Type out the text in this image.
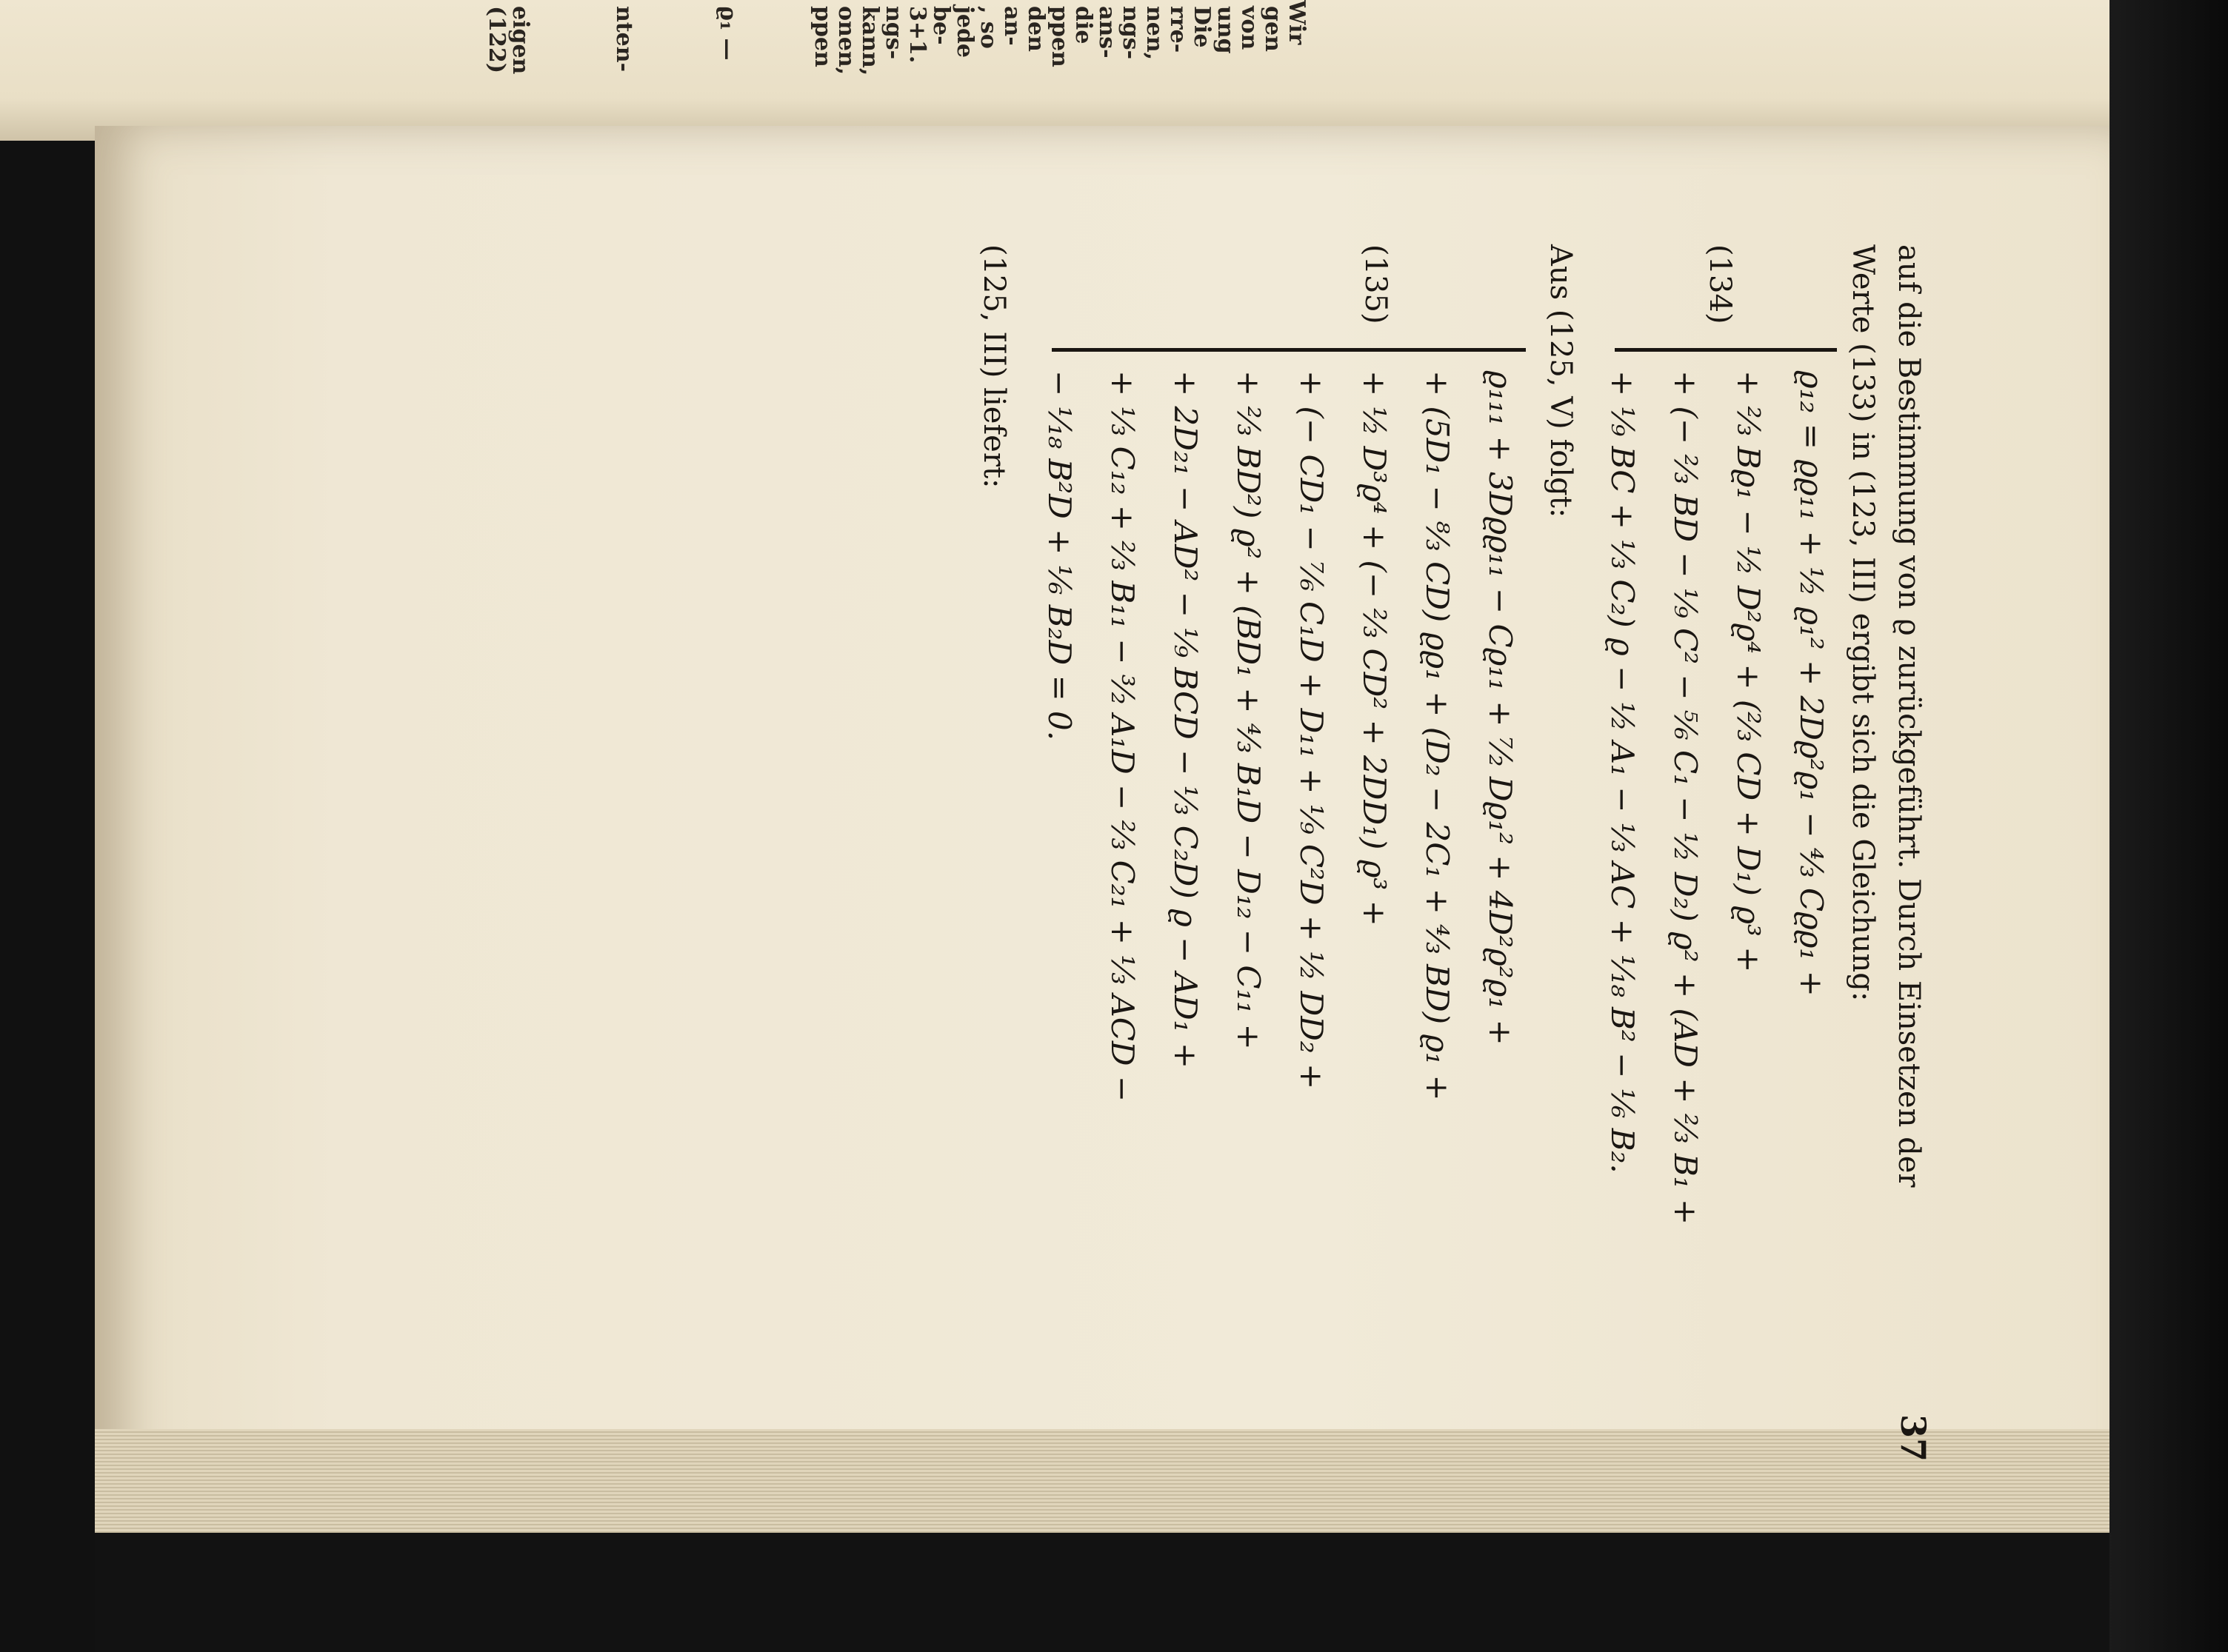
Wir
gen
von
ung
Die
rre-
nen,
ngs-
ans-
die
ppen
den
an-
, so
jede
be-
3+1.
ngs-
kann,
onen,
ppen
ϱ₁ —
nten-
eigen
(122)
auf die Bestimmung von ϱ zurückgeführt. Durch Einsetzen der
Werte (133) in (123, III) ergibt sich die Gleichung:
(134)
ϱ₁₂ = ϱϱ₁₁ + ½ ϱ₁² + 2Dϱ²ϱ₁ − ⁴⁄₃ Cϱϱ₁ +
+ ⅔ Bϱ₁ − ½ D²ϱ⁴ + (⅔ CD + D₁) ϱ³ +
+ (− ⅔ BD − ⅑ C² − ⅚ C₁ − ½ D₂) ϱ² + (AD + ⅔ B₁ +
+ ⅑ BC + ⅓ C₂) ϱ − ½ A₁ − ⅓ AC + ¹⁄₁₈ B² − ⅙ B₂.
Aus (125, V) folgt:
(135)
ϱ₁₁₁ + 3Dϱϱ₁₁ − Cϱ₁₁ + ⁷⁄₂ Dϱ₁² + 4D²ϱ²ϱ₁ +
+ (5D₁ − ⁸⁄₃ CD) ϱϱ₁ + (D₂ − 2C₁ + ⁴⁄₃ BD) ϱ₁ +
+ ½ D³ϱ⁴ + (− ⅔ CD² + 2DD₁) ϱ³ +
+ (− CD₁ − ⁷⁄₆ C₁D + D₁₁ + ⅑ C²D + ½ DD₂ +
+ ⅔ BD²) ϱ² + (BD₁ + ⁴⁄₃ B₁D − D₁₂ − C₁₁ +
+ 2D₂₁ − AD² − ⅑ BCD − ⅓ C₂D) ϱ − AD₁ +
+ ⅓ C₁₂ + ⅔ B₁₁ − ³⁄₂ A₁D − ⅔ C₂₁ + ⅓ ACD −
− ¹⁄₁₈ B²D + ⅙ B₂D = 0.
(125, III) liefert:
37
